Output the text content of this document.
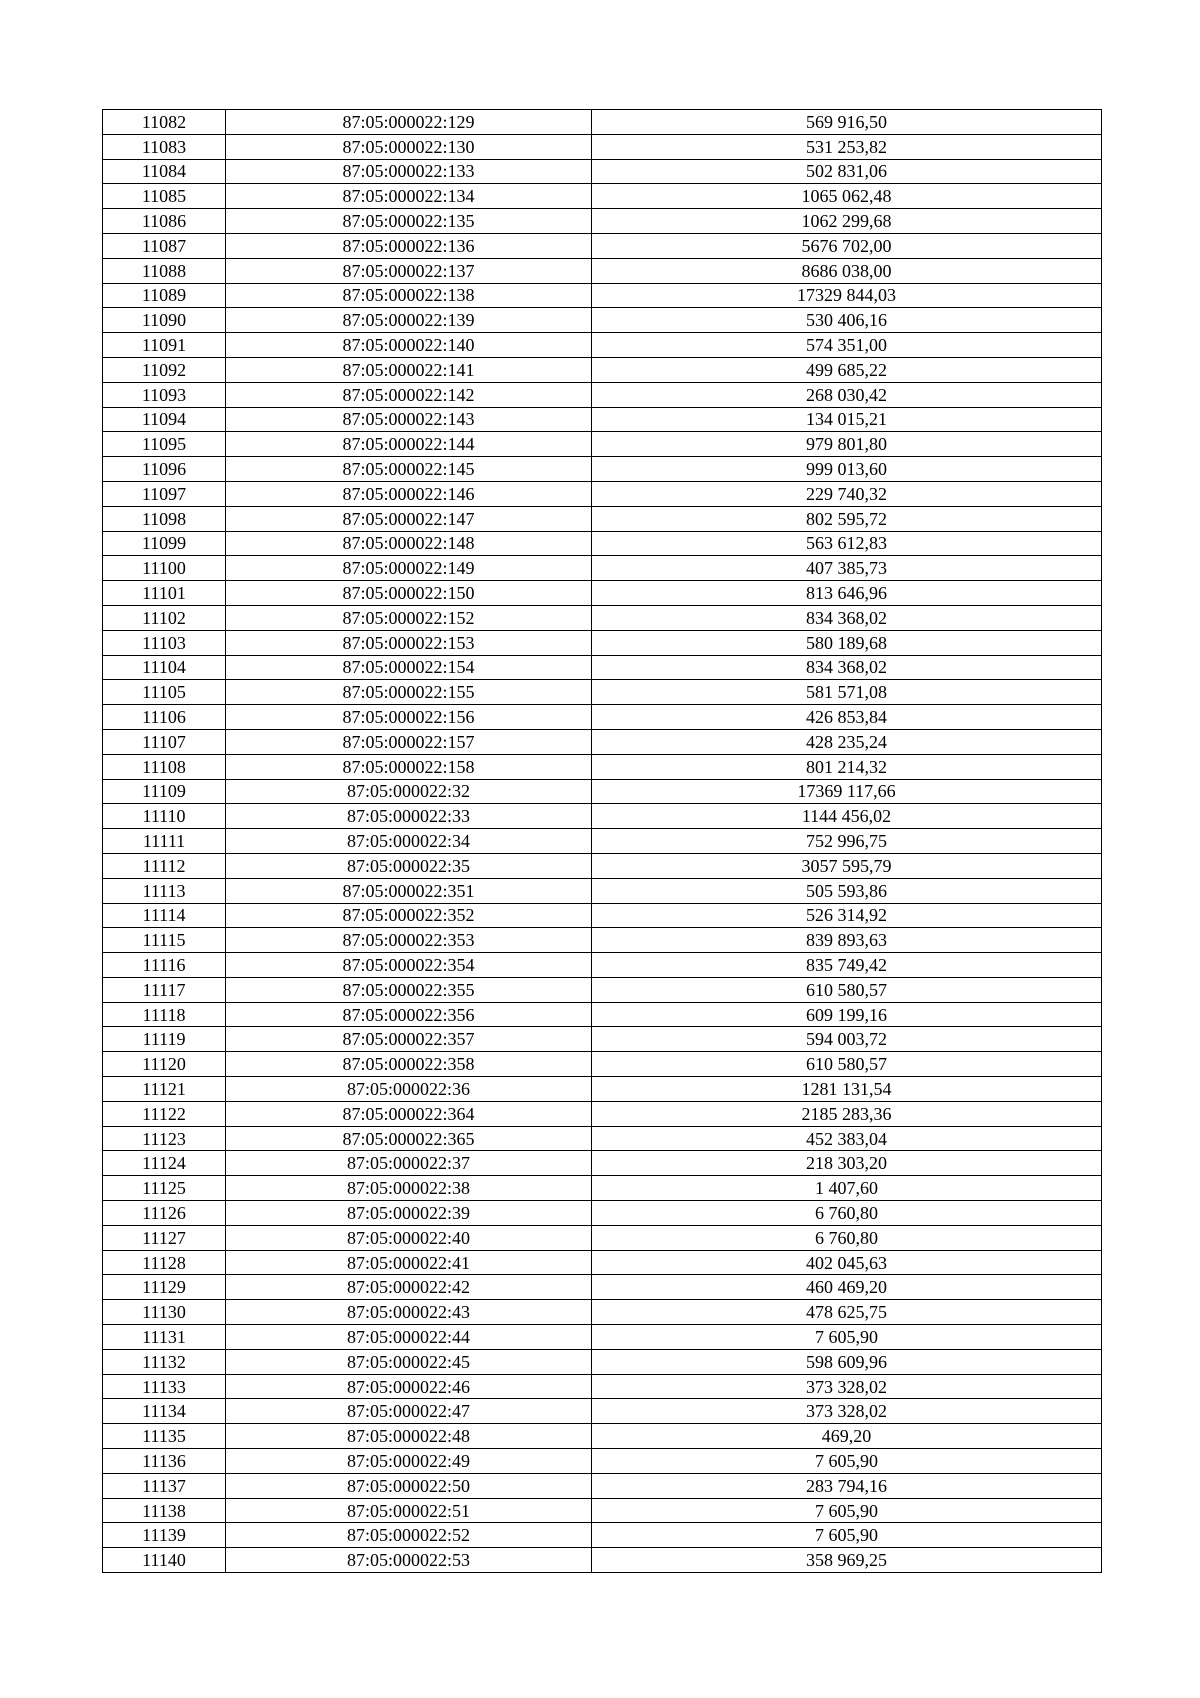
11082	87:05:000022:129	569 916,50
11083	87:05:000022:130	531 253,82
11084	87:05:000022:133	502 831,06
11085	87:05:000022:134	1065 062,48
11086	87:05:000022:135	1062 299,68
11087	87:05:000022:136	5676 702,00
11088	87:05:000022:137	8686 038,00
11089	87:05:000022:138	17329 844,03
11090	87:05:000022:139	530 406,16
11091	87:05:000022:140	574 351,00
11092	87:05:000022:141	499 685,22
11093	87:05:000022:142	268 030,42
11094	87:05:000022:143	134 015,21
11095	87:05:000022:144	979 801,80
11096	87:05:000022:145	999 013,60
11097	87:05:000022:146	229 740,32
11098	87:05:000022:147	802 595,72
11099	87:05:000022:148	563 612,83
11100	87:05:000022:149	407 385,73
11101	87:05:000022:150	813 646,96
11102	87:05:000022:152	834 368,02
11103	87:05:000022:153	580 189,68
11104	87:05:000022:154	834 368,02
11105	87:05:000022:155	581 571,08
11106	87:05:000022:156	426 853,84
11107	87:05:000022:157	428 235,24
11108	87:05:000022:158	801 214,32
11109	87:05:000022:32	17369 117,66
11110	87:05:000022:33	1144 456,02
11111	87:05:000022:34	752 996,75
11112	87:05:000022:35	3057 595,79
11113	87:05:000022:351	505 593,86
11114	87:05:000022:352	526 314,92
11115	87:05:000022:353	839 893,63
11116	87:05:000022:354	835 749,42
11117	87:05:000022:355	610 580,57
11118	87:05:000022:356	609 199,16
11119	87:05:000022:357	594 003,72
11120	87:05:000022:358	610 580,57
11121	87:05:000022:36	1281 131,54
11122	87:05:000022:364	2185 283,36
11123	87:05:000022:365	452 383,04
11124	87:05:000022:37	218 303,20
11125	87:05:000022:38	1 407,60
11126	87:05:000022:39	6 760,80
11127	87:05:000022:40	6 760,80
11128	87:05:000022:41	402 045,63
11129	87:05:000022:42	460 469,20
11130	87:05:000022:43	478 625,75
11131	87:05:000022:44	7 605,90
11132	87:05:000022:45	598 609,96
11133	87:05:000022:46	373 328,02
11134	87:05:000022:47	373 328,02
11135	87:05:000022:48	469,20
11136	87:05:000022:49	7 605,90
11137	87:05:000022:50	283 794,16
11138	87:05:000022:51	7 605,90
11139	87:05:000022:52	7 605,90
11140	87:05:000022:53	358 969,25
